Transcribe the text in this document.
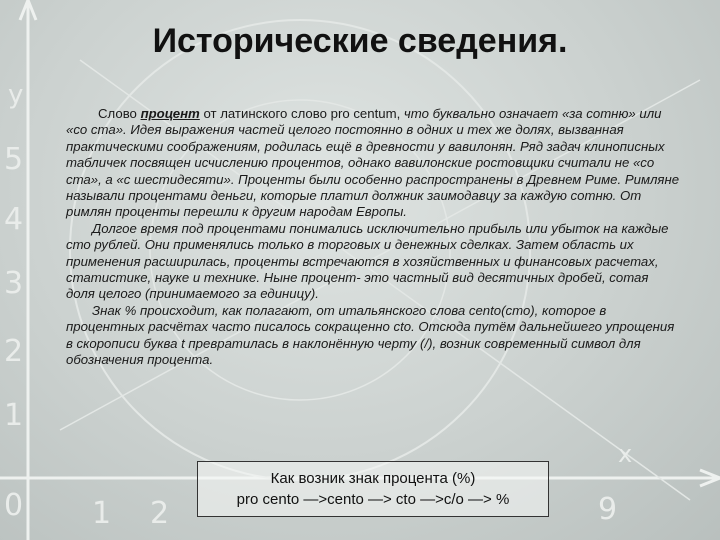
y
5
4
3
2
1
0 1 2	9
x
Исторические сведения.

Слово процент от латинского слово pro centum, что буквально означает «за сотню» или «со ста». Идея выражения частей целого постоянно в одних и тех же долях, вызванная практическими соображениям, родилась ещё в древности у вавилонян. Ряд задач клинописных табличек посвящен исчислению процентов, однако вавилонские ростовщики считали не «со ста», а «с шестидесяти». Проценты были особенно распространены в Древнем Риме. Римляне называли процентами деньги, которые платил должник заимодавцу за каждую сотню. От римлян проценты перешли к другим народам Европы.

Долгое время под процентами понимались исключительно прибыль или убыток на каждые сто рублей. Они применялись только в торговых и денежных сделках. Затем область их применения расширилась, проценты встречаются в хозяйственных и финансовых расчетах, статистике, науке и технике. Ныне процент- это частный вид десятичных дробей, сотая доля целого (принимаемого за единицу).

Знак % происходит, как полагают, от итальянского слова cento(сто), которое в процентных расчётах часто писалось сокращенно cto. Отсюда путём дальнейшего упрощения в скорописи буква t превратилась в наклонённую черту (/), возник современный символ для обозначения процента.

Как возник знак процента (%)
pro cento —>cento —> cto —>c/o —> %
